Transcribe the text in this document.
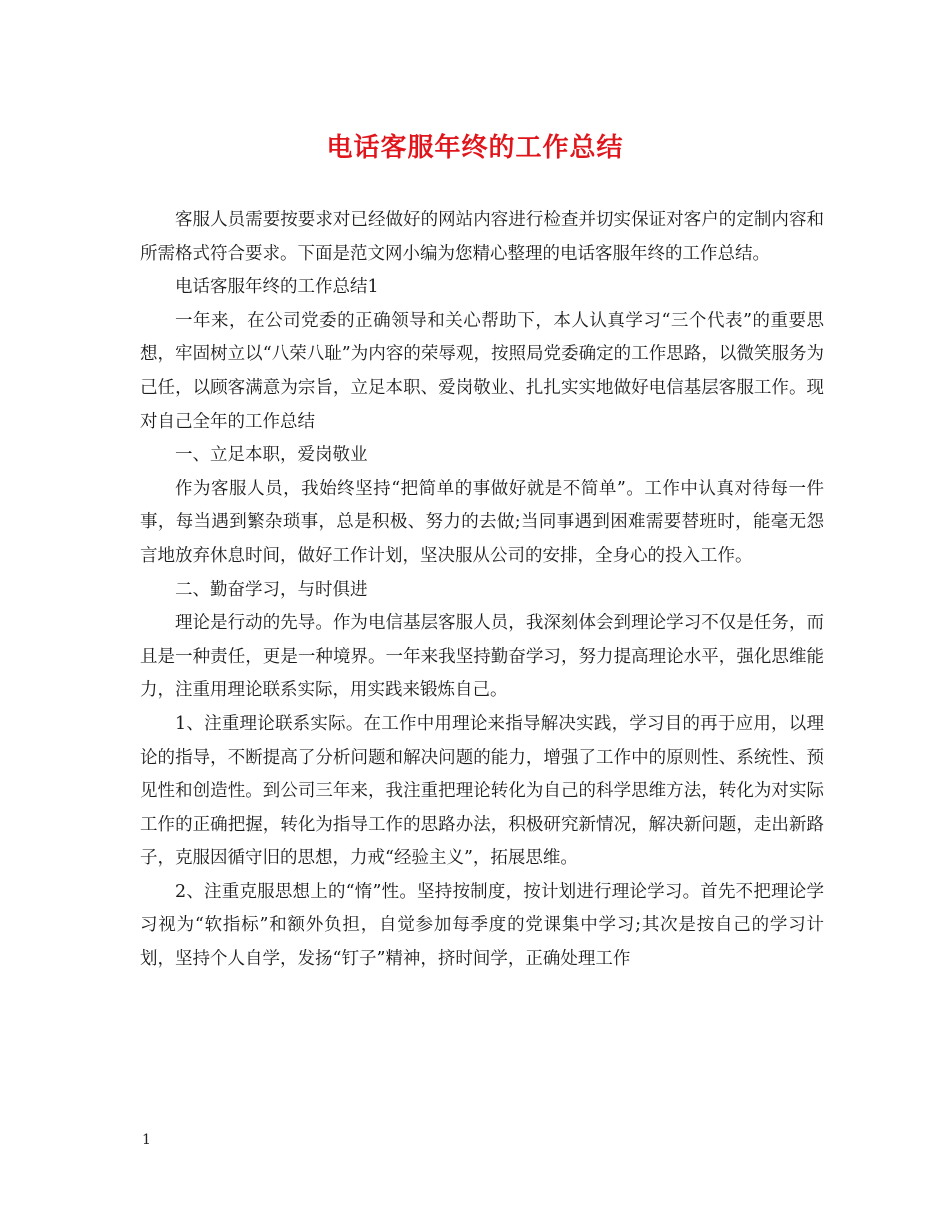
电话客服年终的工作总结

客服人员需要按要求对已经做好的网站内容进行检查并切实保证对客户的定制内容和所需格式符合要求。下面是范文网小编为您精心整理的电话客服年终的工作总结。

电话客服年终的工作总结1

一年来，在公司党委的正确领导和关心帮助下，本人认真学习“三个代表”的重要思想，牢固树立以“八荣八耻”为内容的荣辱观，按照局党委确定的工作思路，以微笑服务为己任，以顾客满意为宗旨，立足本职、爱岗敬业、扎扎实实地做好电信基层客服工作。现对自己全年的工作总结

一、立足本职，爱岗敬业

作为客服人员，我始终坚持“把简单的事做好就是不简单”。工作中认真对待每一件事，每当遇到繁杂琐事，总是积极、努力的去做;当同事遇到困难需要替班时，能毫无怨言地放弃休息时间，做好工作计划，坚决服从公司的安排，全身心的投入工作。

二、勤奋学习，与时俱进

理论是行动的先导。作为电信基层客服人员，我深刻体会到理论学习不仅是任务，而且是一种责任，更是一种境界。一年来我坚持勤奋学习，努力提高理论水平，强化思维能力，注重用理论联系实际，用实践来锻炼自己。

1、注重理论联系实际。在工作中用理论来指导解决实践，学习目的再于应用，以理论的指导，不断提高了分析问题和解决问题的能力，增强了工作中的原则性、系统性、预见性和创造性。到公司三年来，我注重把理论转化为自己的科学思维方法，转化为对实际工作的正确把握，转化为指导工作的思路办法，积极研究新情况，解决新问题，走出新路子，克服因循守旧的思想，力戒“经验主义”，拓展思维。

2、注重克服思想上的“惰”性。坚持按制度，按计划进行理论学习。首先不把理论学习视为“软指标”和额外负担，自觉参加每季度的党课集中学习;其次是按自己的学习计划，坚持个人自学，发扬“钉子”精神，挤时间学，正确处理工作

1
